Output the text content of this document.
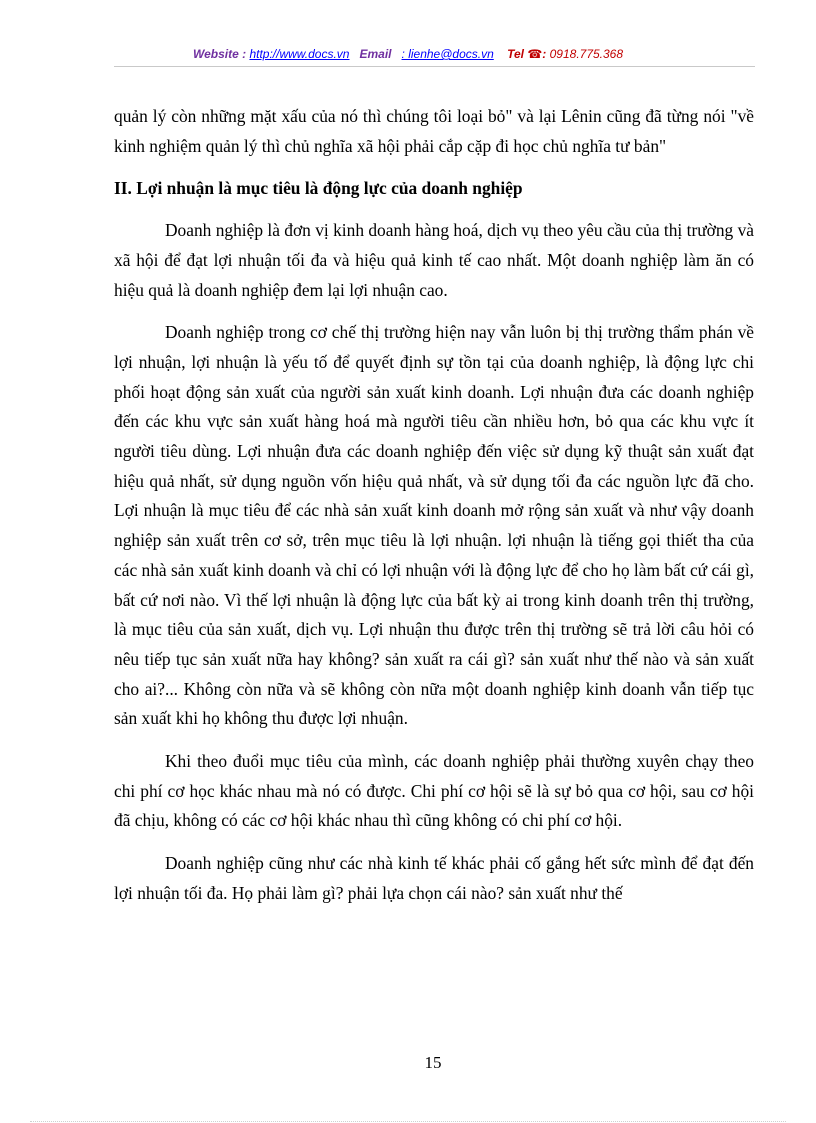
Website : http://www.docs.vn Email : lienhe@docs.vn Tel ☎: 0918.775.368

quản lý còn những mặt xấu của nó thì chúng tôi loại bỏ" và lại Lênin cũng đã từng nói "về kinh nghiệm quản lý thì chủ nghĩa xã hội phải cắp cặp đi học chủ nghĩa tư bản"

II. Lợi nhuận là mục tiêu là động lực của doanh nghiệp

Doanh nghiệp là đơn vị kinh doanh hàng hoá, dịch vụ theo yêu cầu của thị trường và xã hội để đạt lợi nhuận tối đa và hiệu quả kinh tế cao nhất. Một doanh nghiệp làm ăn có hiệu quả là doanh nghiệp đem lại lợi nhuận cao.

Doanh nghiệp trong cơ chế thị trường hiện nay vẫn luôn bị thị trường thẩm phán về lợi nhuận, lợi nhuận là yếu tố để quyết định sự tồn tại của doanh nghiệp, là động lực chi phối hoạt động sản xuất của người sản xuất kinh doanh. Lợi nhuận đưa các doanh nghiệp đến các khu vực sản xuất hàng hoá mà người tiêu cần nhiều hơn, bỏ qua các khu vực ít người tiêu dùng. Lợi nhuận đưa các doanh nghiệp đến việc sử dụng kỹ thuật sản xuất đạt hiệu quả nhất, sử dụng nguồn vốn hiệu quả nhất, và sử dụng tối đa các nguồn lực đã cho. Lợi nhuận là mục tiêu để các nhà sản xuất kinh doanh mở rộng sản xuất và như vậy doanh nghiệp sản xuất trên cơ sở, trên mục tiêu là lợi nhuận. lợi nhuận là tiếng gọi thiết tha của các nhà sản xuất kinh doanh và chỉ có lợi nhuận với là động lực để cho họ làm bất cứ cái gì, bất cứ nơi nào. Vì thế lợi nhuận là động lực của bất kỳ ai trong kinh doanh trên thị trường, là mục tiêu của sản xuất, dịch vụ. Lợi nhuận thu được trên thị trường sẽ trả lời câu hỏi có nêu tiếp tục sản xuất nữa hay không? sản xuất ra cái gì? sản xuất như thế nào và sản xuất cho ai?... Không còn nữa và sẽ không còn nữa một doanh nghiệp kinh doanh vẫn tiếp tục sản xuất khi họ không thu được lợi nhuận.

Khi theo đuổi mục tiêu của mình, các doanh nghiệp phải thường xuyên chạy theo chi phí cơ học khác nhau mà nó có được. Chi phí cơ hội sẽ là sự bỏ qua cơ hội, sau cơ hội đã chịu, không có các cơ hội khác nhau thì cũng không có chi phí cơ hội.

Doanh nghiệp cũng như các nhà kinh tế khác phải cố gắng hết sức mình để đạt đến lợi nhuận tối đa. Họ phải làm gì? phải lựa chọn cái nào? sản xuất như thế

15
